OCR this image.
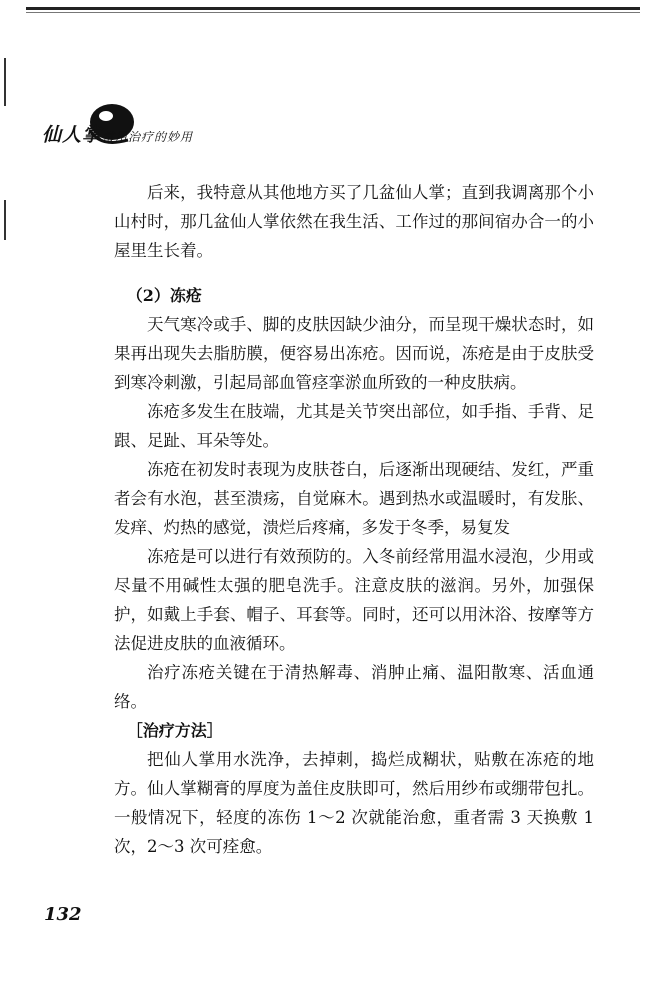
仙人掌常用治疗的妙用

后来，我特意从其他地方买了几盆仙人掌；直到我调离那个小山村时，那几盆仙人掌依然在我生活、工作过的那间宿办合一的小屋里生长着。

（2）冻疮

天气寒冷或手、脚的皮肤因缺少油分，而呈现干燥状态时，如果再出现失去脂肪膜，便容易出冻疮。因而说，冻疮是由于皮肤受到寒冷刺激，引起局部血管痉挛淤血所致的一种皮肤病。

冻疮多发生在肢端，尤其是关节突出部位，如手指、手背、足跟、足趾、耳朵等处。

冻疮在初发时表现为皮肤苍白，后逐渐出现硬结、发红，严重者会有水泡，甚至溃疡，自觉麻木。遇到热水或温暖时，有发胀、发痒、灼热的感觉，溃烂后疼痛，多发于冬季，易复发

冻疮是可以进行有效预防的。入冬前经常用温水浸泡，少用或尽量不用碱性太强的肥皂洗手。注意皮肤的滋润。另外，加强保护，如戴上手套、帽子、耳套等。同时，还可以用沐浴、按摩等方法促进皮肤的血液循环。

治疗冻疮关键在于清热解毒、消肿止痛、温阳散寒、活血通络。

［治疗方法］

把仙人掌用水洗净，去掉刺，捣烂成糊状，贴敷在冻疮的地方。仙人掌糊膏的厚度为盖住皮肤即可，然后用纱布或绷带包扎。一般情况下，轻度的冻伤 1～2 次就能治愈，重者需 3 天换敷 1 次，2～3 次可痊愈。

132
